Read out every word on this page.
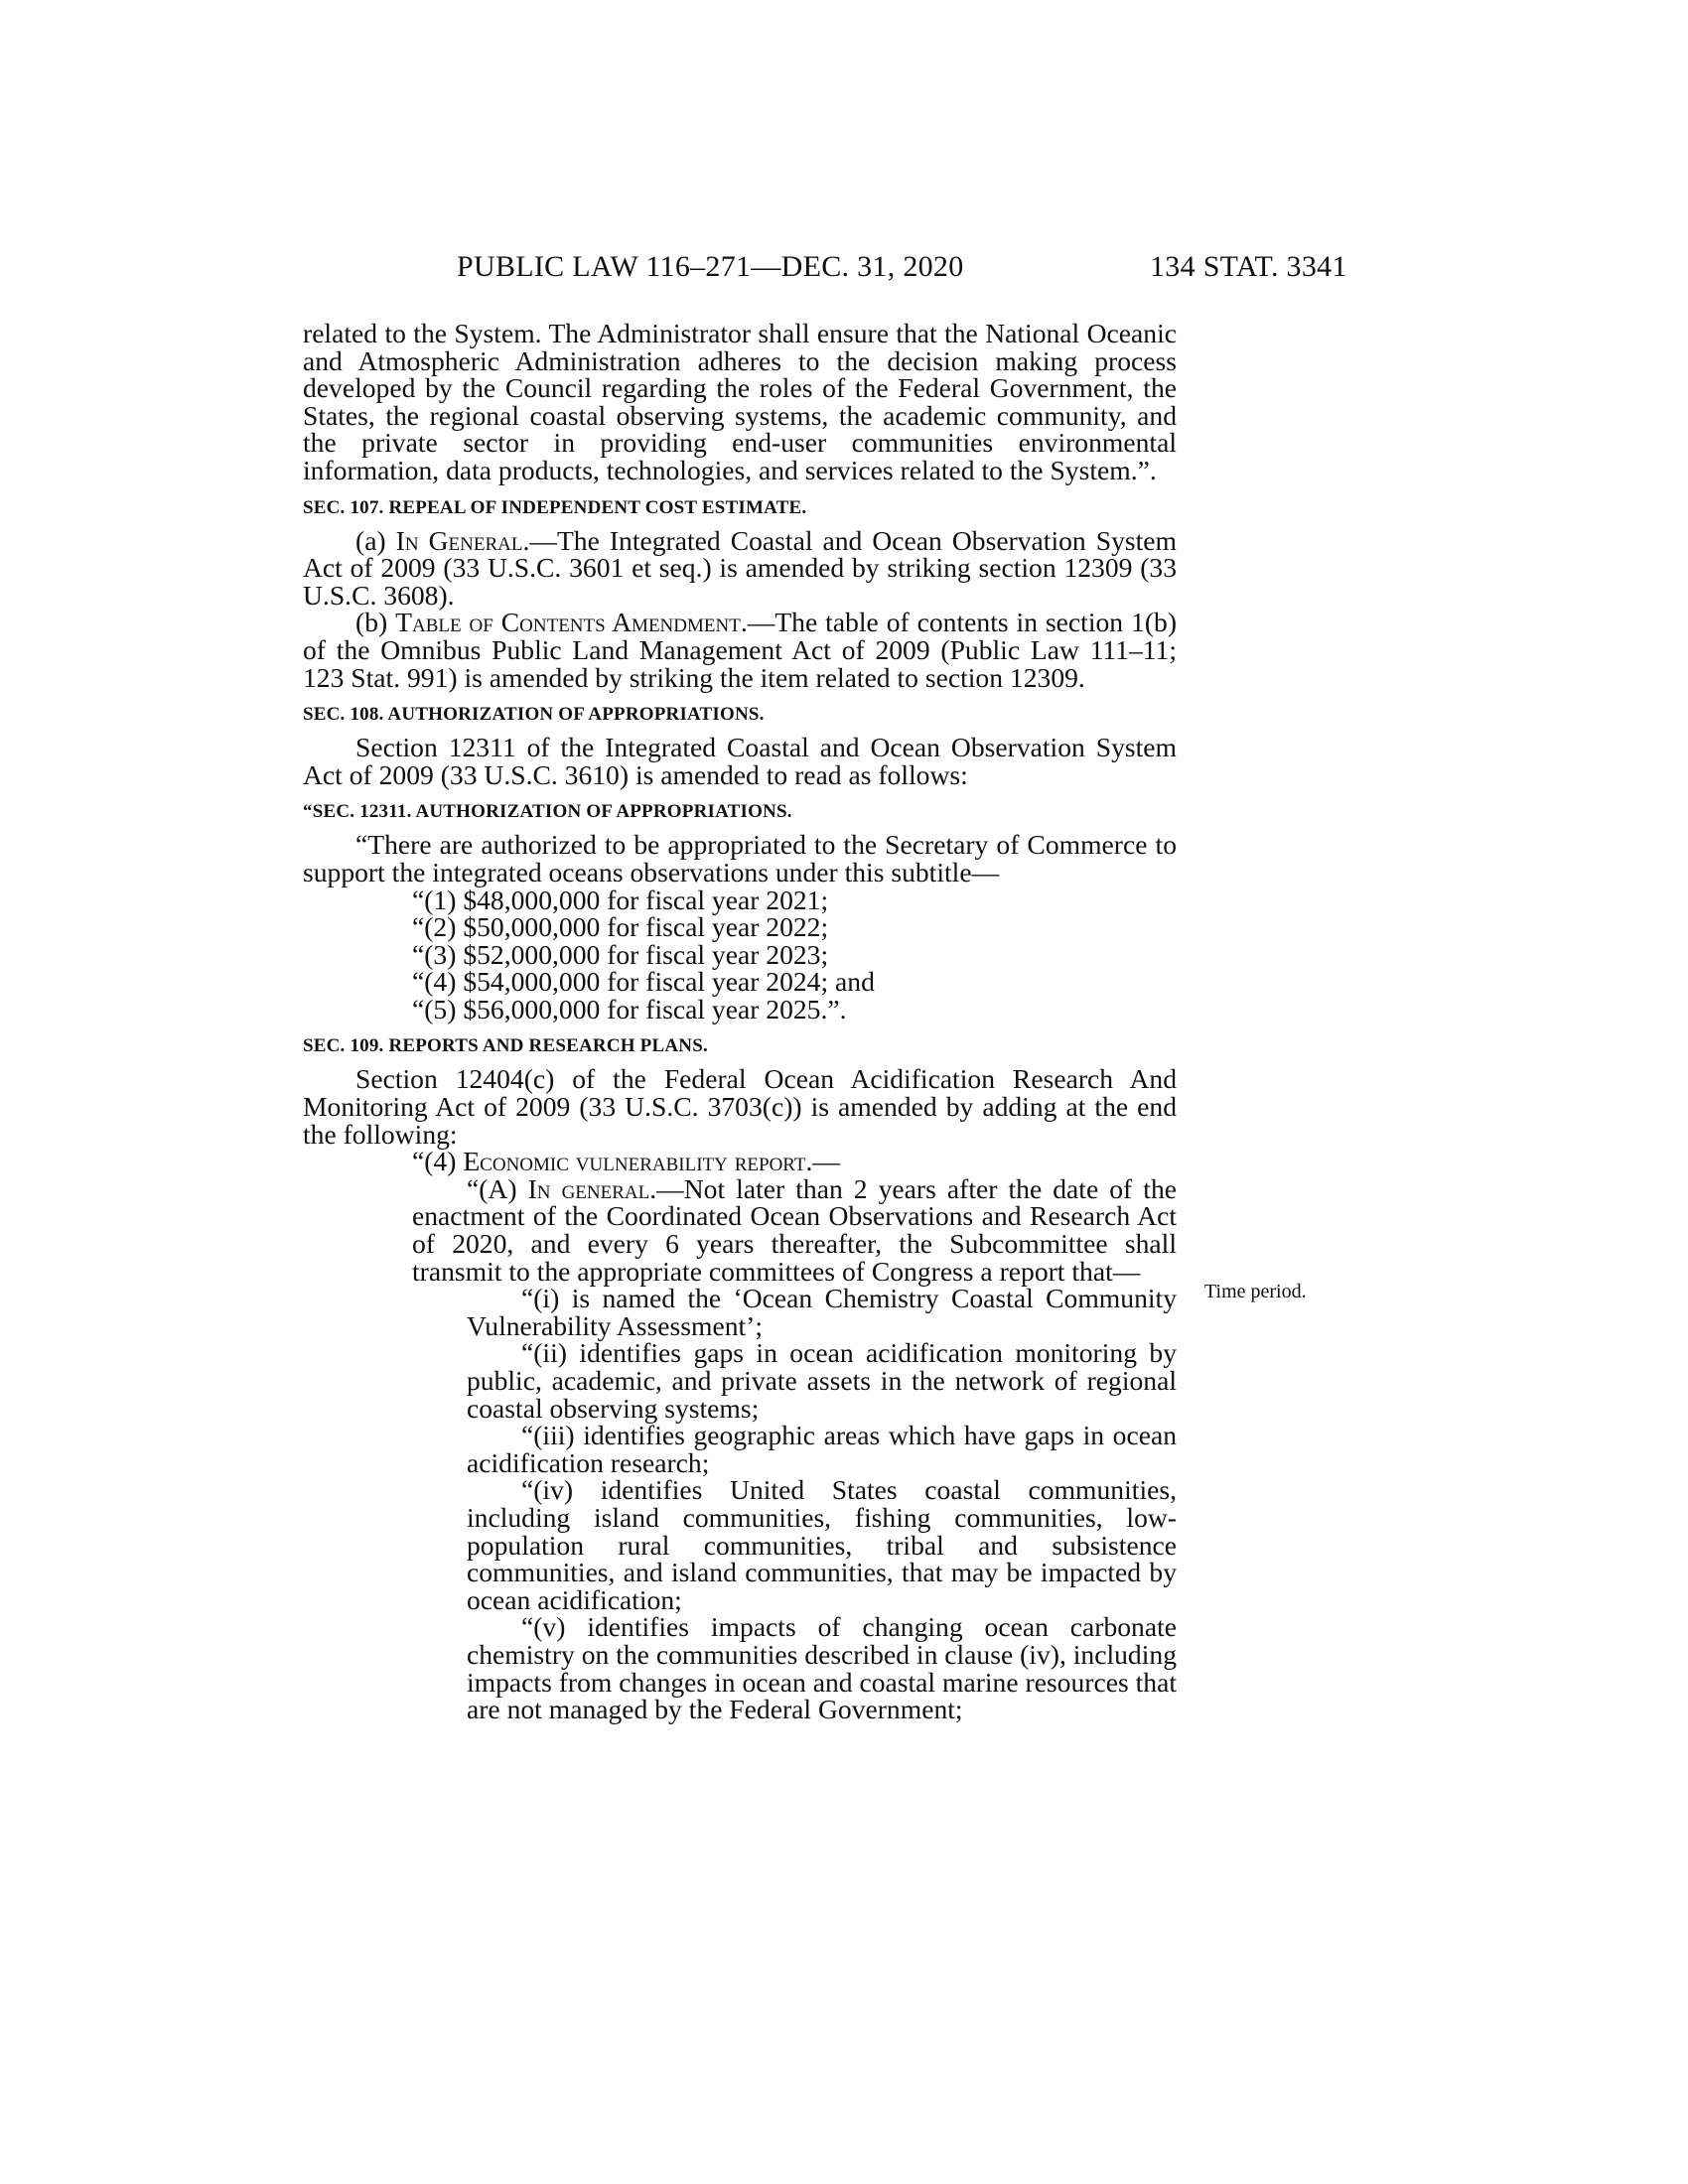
PUBLIC LAW 116–271—DEC. 31, 2020	134 STAT. 3341
Time period.

related to the System. The Administrator shall ensure that the National Oceanic and Atmospheric Administration adheres to the decision making process developed by the Council regarding the roles of the Federal Government, the States, the regional coastal observing systems, the academic community, and the private sector in providing end-user communities environmental information, data products, technologies, and services related to the System.”.

SEC. 107. REPEAL OF INDEPENDENT COST ESTIMATE.

(a) In General.—The Integrated Coastal and Ocean Observation System Act of 2009 (33 U.S.C. 3601 et seq.) is amended by striking section 12309 (33 U.S.C. 3608).

(b) Table of Contents Amendment.—The table of contents in section 1(b) of the Omnibus Public Land Management Act of 2009 (Public Law 111–11; 123 Stat. 991) is amended by striking the item related to section 12309.

SEC. 108. AUTHORIZATION OF APPROPRIATIONS.

Section 12311 of the Integrated Coastal and Ocean Observation System Act of 2009 (33 U.S.C. 3610) is amended to read as follows:

“SEC. 12311. AUTHORIZATION OF APPROPRIATIONS.

“There are authorized to be appropriated to the Secretary of Commerce to support the integrated oceans observations under this subtitle—

“(1) $48,000,000 for fiscal year 2021;

“(2) $50,000,000 for fiscal year 2022;

“(3) $52,000,000 for fiscal year 2023;

“(4) $54,000,000 for fiscal year 2024; and

“(5) $56,000,000 for fiscal year 2025.”.

SEC. 109. REPORTS AND RESEARCH PLANS.

Section 12404(c) of the Federal Ocean Acidification Research And Monitoring Act of 2009 (33 U.S.C. 3703(c)) is amended by adding at the end the following:

“(4) Economic vulnerability report.—

“(A) In general.—Not later than 2 years after the date of the enactment of the Coordinated Ocean Observations and Research Act of 2020, and every 6 years thereafter, the Subcommittee shall transmit to the appropriate committees of Congress a report that—

“(i) is named the ‘Ocean Chemistry Coastal Community Vulnerability Assessment’;

“(ii) identifies gaps in ocean acidification monitoring by public, academic, and private assets in the network of regional coastal observing systems;

“(iii) identifies geographic areas which have gaps in ocean acidification research;

“(iv) identifies United States coastal communities, including island communities, fishing communities, low-population rural communities, tribal and subsistence communities, and island communities, that may be impacted by ocean acidification;

“(v) identifies impacts of changing ocean carbonate chemistry on the communities described in clause (iv), including impacts from changes in ocean and coastal marine resources that are not managed by the Federal Government;
